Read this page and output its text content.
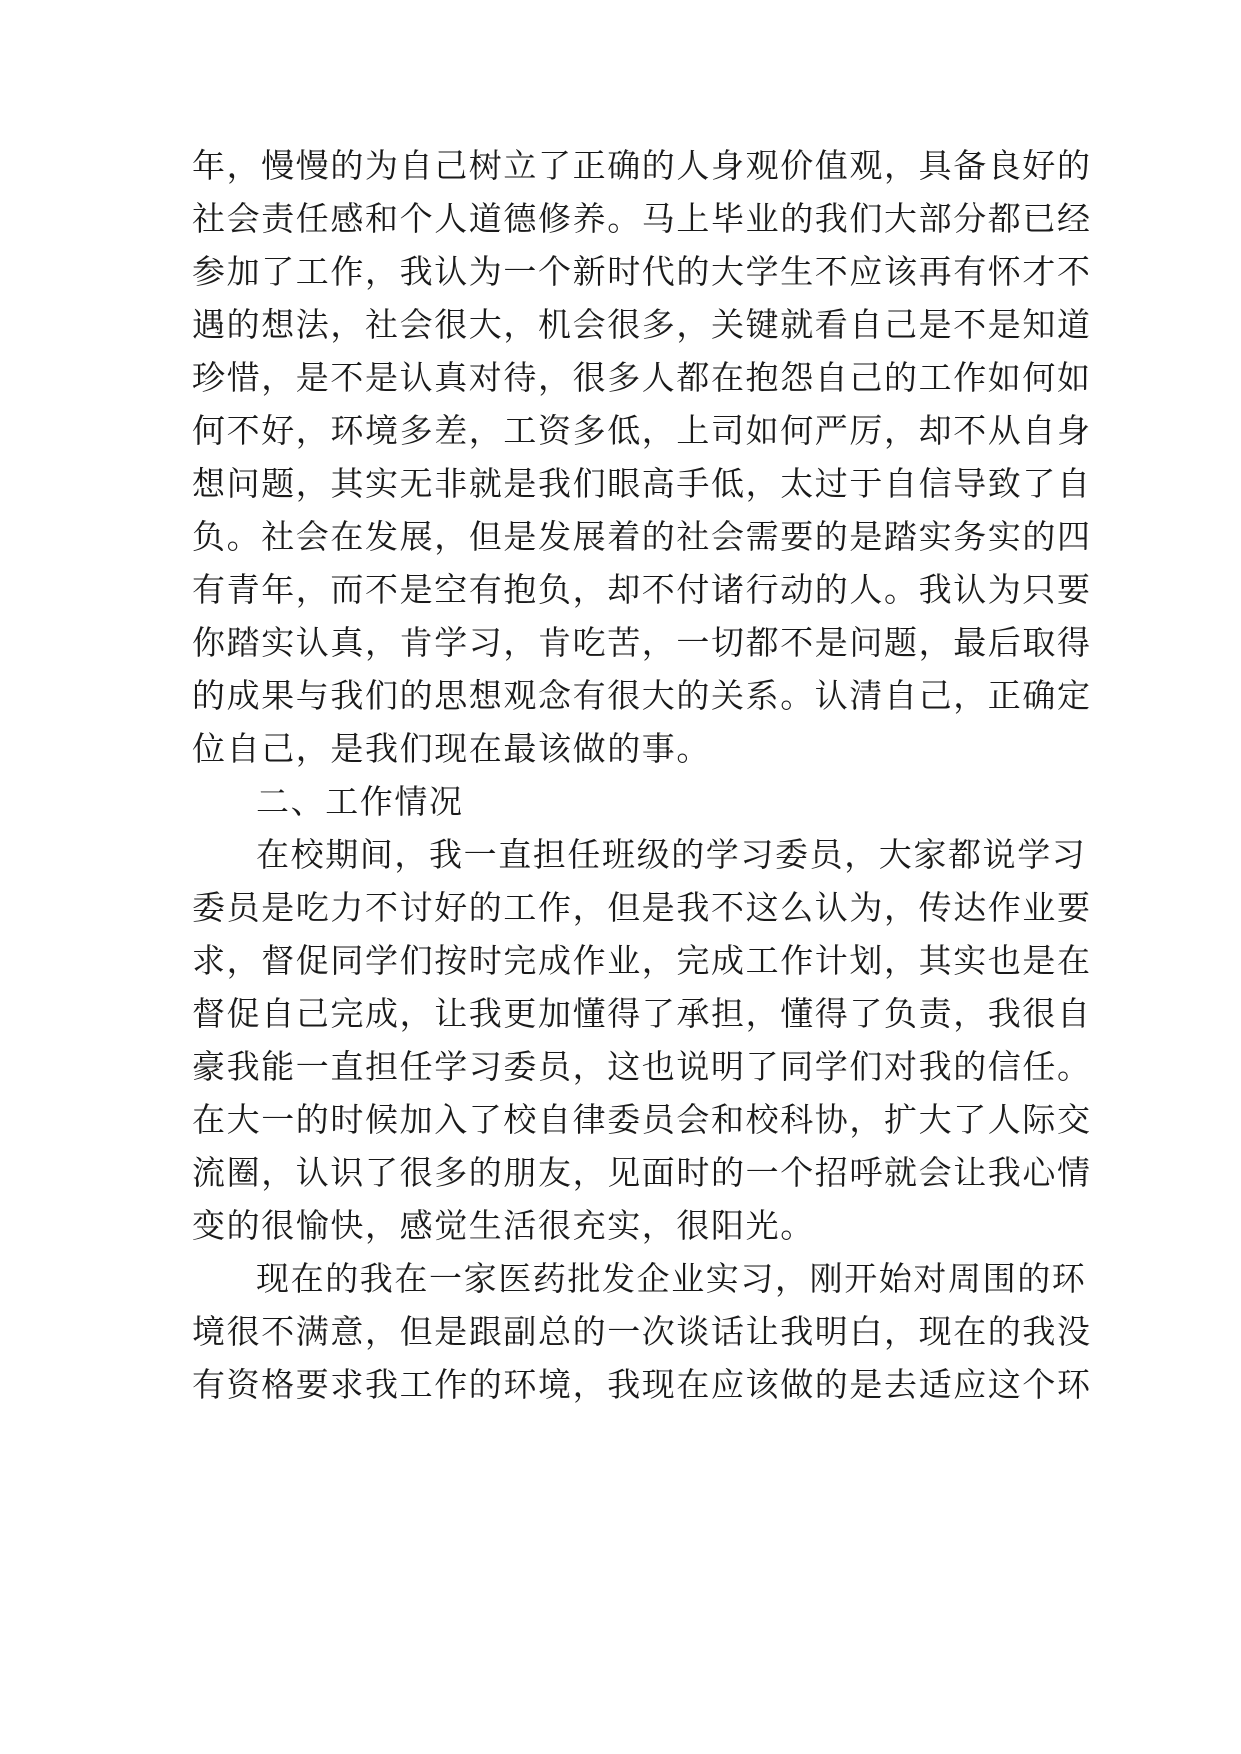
年，慢慢的为自己树立了正确的人身观价值观，具备良好的
社会责任感和个人道德修养。马上毕业的我们大部分都已经
参加了工作，我认为一个新时代的大学生不应该再有怀才不
遇的想法，社会很大，机会很多，关键就看自己是不是知道
珍惜，是不是认真对待，很多人都在抱怨自己的工作如何如
何不好，环境多差，工资多低，上司如何严厉，却不从自身
想问题，其实无非就是我们眼高手低，太过于自信导致了自
负。社会在发展，但是发展着的社会需要的是踏实务实的四
有青年，而不是空有抱负，却不付诸行动的人。我认为只要
你踏实认真，肯学习，肯吃苦，一切都不是问题，最后取得
的成果与我们的思想观念有很大的关系。认清自己，正确定
位自己，是我们现在最该做的事。
二、工作情况
在校期间，我一直担任班级的学习委员，大家都说学习
委员是吃力不讨好的工作，但是我不这么认为，传达作业要
求，督促同学们按时完成作业，完成工作计划，其实也是在
督促自己完成，让我更加懂得了承担，懂得了负责，我很自
豪我能一直担任学习委员，这也说明了同学们对我的信任。
在大一的时候加入了校自律委员会和校科协，扩大了人际交
流圈，认识了很多的朋友，见面时的一个招呼就会让我心情
变的很愉快，感觉生活很充实，很阳光。
现在的我在一家医药批发企业实习，刚开始对周围的环
境很不满意，但是跟副总的一次谈话让我明白，现在的我没
有资格要求我工作的环境，我现在应该做的是去适应这个环
